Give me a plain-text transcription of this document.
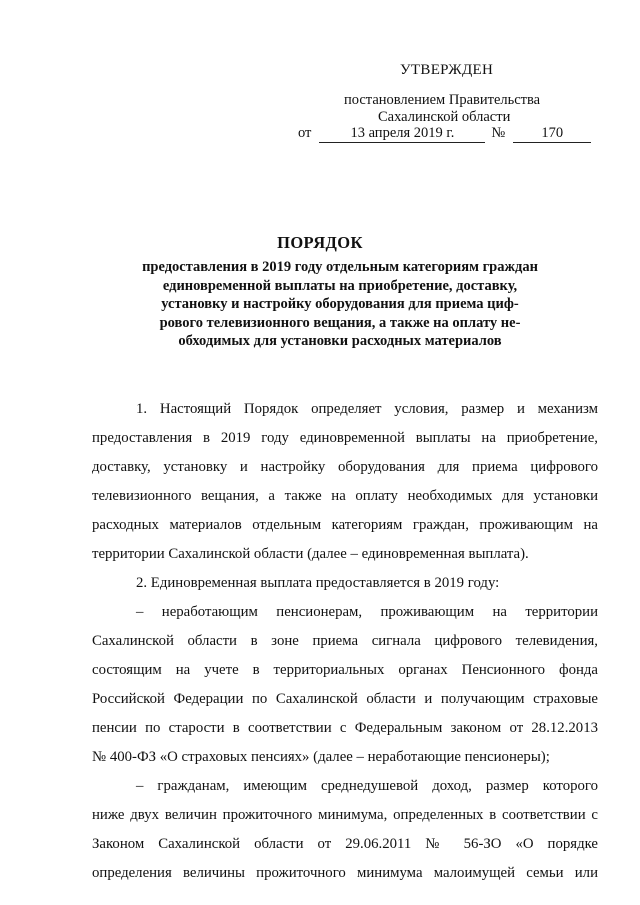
УТВЕРЖДЕН
постановлением Правительства
Сахалинской области
от	13 апреля 2019 г.	№ 170
ПОРЯДОК
предоставления в 2019 году отдельным категориям граждан
единовременной выплаты на приобретение, доставку,
установку и настройку оборудования для приема циф-
рового телевизионного вещания, а также на оплату не-
обходимых для установки расходных материалов
1. Настоящий Порядок определяет условия, размер и механизм
предоставления в 2019 году единовременной выплаты на приобретение,
доставку, установку и настройку оборудования для приема цифрового
телевизионного вещания, а также на оплату необходимых для установки
расходных материалов отдельным категориям граждан, проживающим на
территории Сахалинской области (далее – единовременная выплата).
2. Единовременная выплата предоставляется в 2019 году:
– неработающим пенсионерам, проживающим на территории
Сахалинской области в зоне приема сигнала цифрового телевидения,
состоящим на учете в территориальных органах Пенсионного фонда
Российской Федерации по Сахалинской области и получающим страховые
пенсии по старости в соответствии с Федеральным законом от 28.12.2013
№ 400-ФЗ «О страховых пенсиях» (далее – неработающие пенсионеры);
– гражданам, имеющим среднедушевой доход, размер которого
ниже двух величин прожиточного минимума, определенных в соответствии с
Законом Сахалинской области от 29.06.2011 № 56-ЗО «О порядке
определения величины прожиточного минимума малоимущей семьи или
